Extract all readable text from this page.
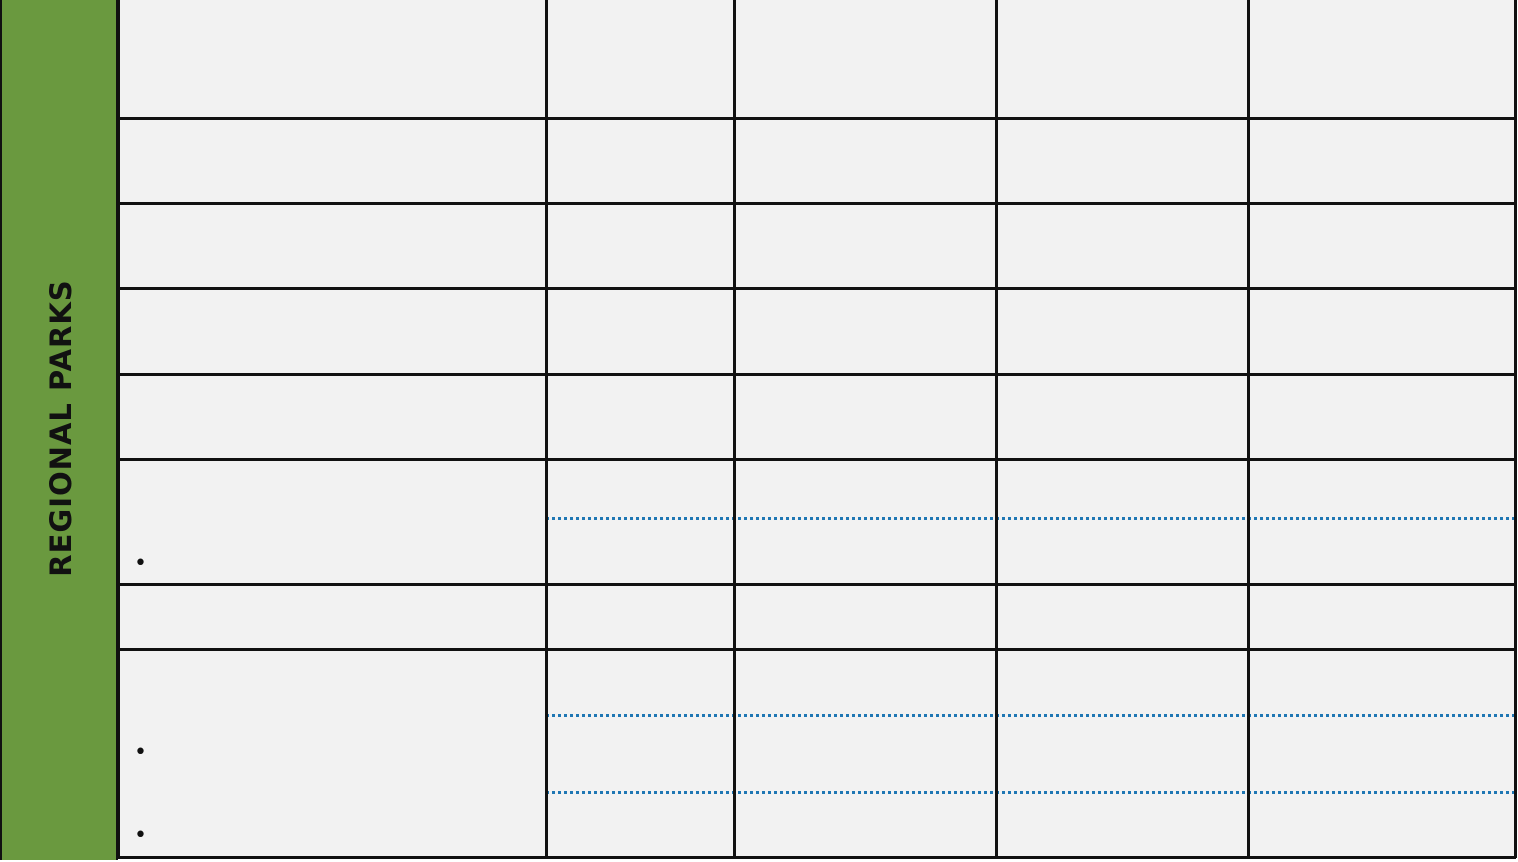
REGIONAL PARKS	•
•
•
